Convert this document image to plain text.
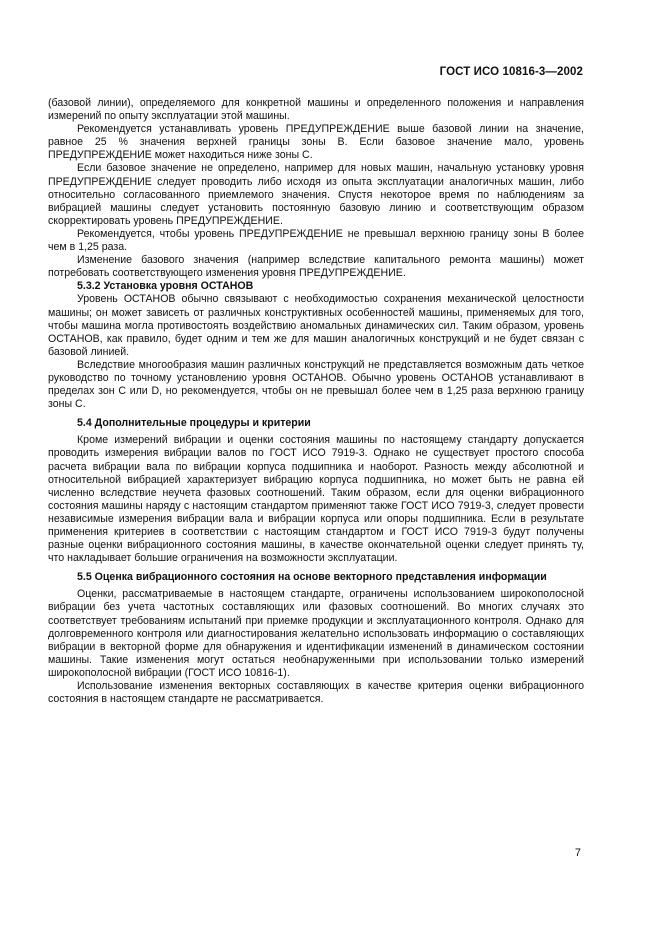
ГОСТ ИСО 10816-3—2002

(базовой линии), определяемого для конкретной машины и определенного положения и направления измерений по опыту эксплуатации этой машины.

Рекомендуется устанавливать уровень ПРЕДУПРЕЖДЕНИЕ выше базовой линии на значение, равное 25 % значения верхней границы зоны В. Если базовое значение мало, уровень ПРЕДУПРЕЖДЕНИЕ может находиться ниже зоны С.

Если базовое значение не определено, например для новых машин, начальную установку уровня ПРЕДУПРЕЖДЕНИЕ следует проводить либо исходя из опыта эксплуатации аналогичных машин, либо относительно согласованного приемлемого значения. Спустя некоторое время по наблюдениям за вибрацией машины следует установить постоянную базовую линию и соответствующим образом скорректировать уровень ПРЕДУПРЕЖДЕНИЕ.

Рекомендуется, чтобы уровень ПРЕДУПРЕЖДЕНИЕ не превышал верхнюю границу зоны В более чем в 1,25 раза.

Изменение базового значения (например вследствие капитального ремонта машины) может потребовать соответствующего изменения уровня ПРЕДУПРЕЖДЕНИЕ.

5.3.2 Установка уровня ОСТАНОВ

Уровень ОСТАНОВ обычно связывают с необходимостью сохранения механической целостности машины; он может зависеть от различных конструктивных особенностей машины, применяемых для того, чтобы машина могла противостоять воздействию аномальных динамических сил. Таким образом, уровень ОСТАНОВ, как правило, будет одним и тем же для машин аналогичных конструкций и не будет связан с базовой линией.

Вследствие многообразия машин различных конструкций не представляется возможным дать четкое руководство по точному установлению уровня ОСТАНОВ. Обычно уровень ОСТАНОВ устанавливают в пределах зон С или D, но рекомендуется, чтобы он не превышал более чем в 1,25 раза верхнюю границу зоны С.

5.4 Дополнительные процедуры и критерии

Кроме измерений вибрации и оценки состояния машины по настоящему стандарту допускается проводить измерения вибрации валов по ГОСТ ИСО 7919-3. Однако не существует простого способа расчета вибрации вала по вибрации корпуса подшипника и наоборот. Разность между абсолютной и относительной вибрацией характеризует вибрацию корпуса подшипника, но может быть не равна ей численно вследствие неучета фазовых соотношений. Таким образом, если для оценки вибрационного состояния машины наряду с настоящим стандартом применяют также ГОСТ ИСО 7919-3, следует провести независимые измерения вибрации вала и вибрации корпуса или опоры подшипника. Если в результате применения критериев в соответствии с настоящим стандартом и ГОСТ ИСО 7919-3 будут получены разные оценки вибрационного состояния машины, в качестве окончательной оценки следует принять ту, что накладывает большие ограничения на возможности эксплуатации.

5.5 Оценка вибрационного состояния на основе векторного представления информации

Оценки, рассматриваемые в настоящем стандарте, ограничены использованием широкополосной вибрации без учета частотных составляющих или фазовых соотношений. Во многих случаях это соответствует требованиям испытаний при приемке продукции и эксплуатационного контроля. Однако для долговременного контроля или диагностирования желательно использовать информацию о составляющих вибрации в векторной форме для обнаружения и идентификации изменений в динамическом состоянии машины. Такие изменения могут остаться необнаруженными при использовании только измерений широкополосной вибрации (ГОСТ ИСО 10816-1).

Использование изменения векторных составляющих в качестве критерия оценки вибрационного состояния в настоящем стандарте не рассматривается.

7
